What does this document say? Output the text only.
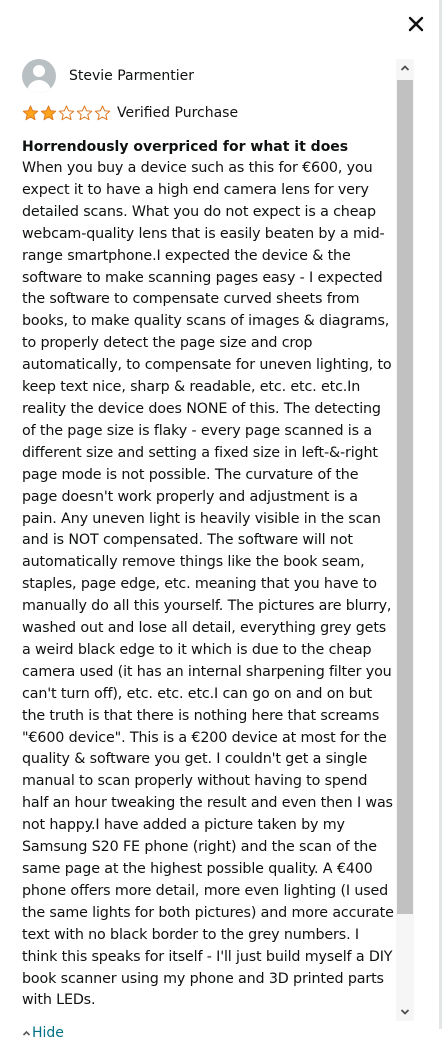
Stevie Parmentier
Verified Purchase
Horrendously overpriced for what it does
When you buy a device such as this for €600, you expect it to have a high end camera lens for very detailed scans. What you do not expect is a cheap webcam-quality lens that is easily beaten by a mid-range smartphone.I expected the device & the software to make scanning pages easy - I expected the software to compensate curved sheets from books, to make quality scans of images & diagrams, to properly detect the page size and crop automatically, to compensate for uneven lighting, to keep text nice, sharp & readable, etc. etc. etc.In reality the device does NONE of this. The detecting of the page size is flaky - every page scanned is a different size and setting a fixed size in left-&-right page mode is not possible. The curvature of the page doesn't work properly and adjustment is a pain. Any uneven light is heavily visible in the scan and is NOT compensated. The software will not automatically remove things like the book seam, staples, page edge, etc. meaning that you have to manually do all this yourself. The pictures are blurry, washed out and lose all detail, everything grey gets a weird black edge to it which is due to the cheap camera used (it has an internal sharpening filter you can't turn off), etc. etc. etc.I can go on and on but the truth is that there is nothing here that screams "€600 device". This is a €200 device at most for the quality & software you get. I couldn't get a single manual to scan properly without having to spend half an hour tweaking the result and even then I was not happy.I have added a picture taken by my Samsung S20 FE phone (right) and the scan of the same page at the highest possible quality. A €400 phone offers more detail, more even lighting (I used the same lights for both pictures) and more accurate text with no black border to the grey numbers. I think this speaks for itself - I'll just build myself a DIY book scanner using my phone and 3D printed parts with LEDs.
Hide
